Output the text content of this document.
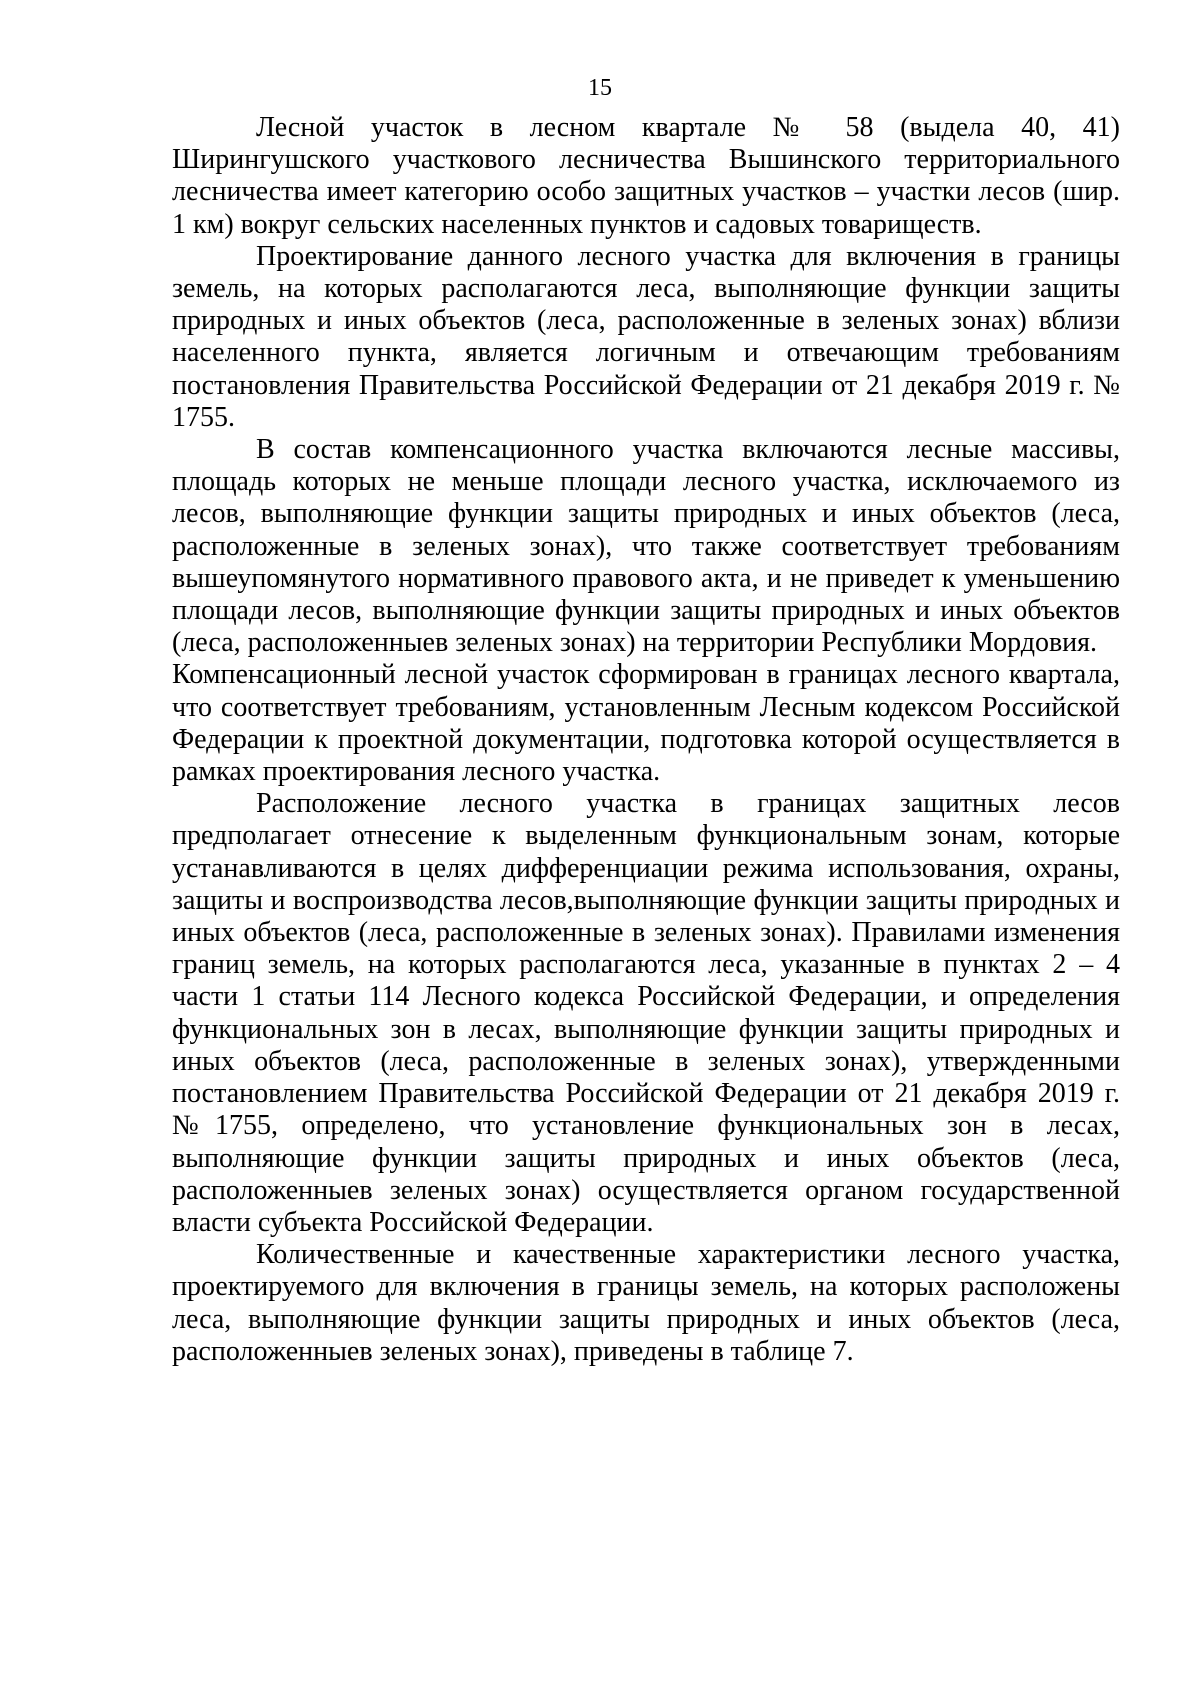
15

Лесной участок в лесном квартале № 58 (выдела 40, 41) Ширингушского участкового лесничества Вышинского территориального лесничества имеет категорию особо защитных участков – участки лесов (шир. 1 км) вокруг сельских населенных пунктов и садовых товариществ.

Проектирование данного лесного участка для включения в границы земель, на которых располагаются леса, выполняющие функции защиты природных и иных объектов (леса, расположенные в зеленых зонах) вблизи населенного пункта, является логичным и отвечающим требованиям постановления Правительства Российской Федерации от 21 декабря 2019 г. № 1755.

В состав компенсационного участка включаются лесные массивы, площадь которых не меньше площади лесного участка, исключаемого из лесов, выполняющие функции защиты природных и иных объектов (леса, расположенные в зеленых зонах), что также соответствует требованиям вышеупомянутого нормативного правового акта, и не приведет к уменьшению площади лесов, выполняющие функции защиты природных и иных объектов (леса, расположенныев зеленых зонах) на территории Республики Мордовия.

Компенсационный лесной участок сформирован в границах лесного квартала, что соответствует требованиям, установленным Лесным кодексом Российской Федерации к проектной документации, подготовка которой осуществляется в рамках проектирования лесного участка.

Расположение лесного участка в границах защитных лесов предполагает отнесение к выделенным функциональным зонам, которые устанавливаются в целях дифференциации режима использования, охраны, защиты и воспроизводства лесов,выполняющие функции защиты природных и иных объектов (леса, расположенные в зеленых зонах). Правилами изменения границ земель, на которых располагаются леса, указанные в пунктах 2 – 4 части 1 статьи 114 Лесного кодекса Российской Федерации, и определения функциональных зон в лесах, выполняющие функции защиты природных и иных объектов (леса, расположенные в зеленых зонах), утвержденными постановлением Правительства Российской Федерации от 21 декабря 2019 г. №1755, определено, что установление функциональных зон в лесах, выполняющие функции защиты природных и иных объектов (леса, расположенныев зеленых зонах) осуществляется органом государственной власти субъекта Российской Федерации.

Количественные и качественные характеристики лесного участка, проектируемого для включения в границы земель, на которых расположены леса, выполняющие функции защиты природных и иных объектов (леса, расположенныев зеленых зонах), приведены в таблице 7.
